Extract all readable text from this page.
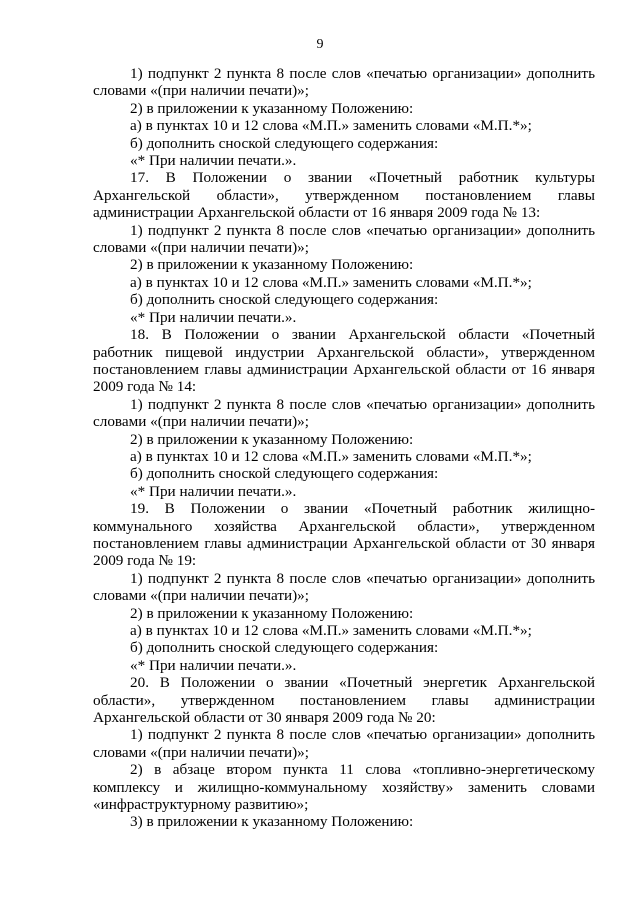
9

1) подпункт 2 пункта 8 после слов «печатью организации» дополнить словами «(при наличии печати)»;

2) в приложении к указанному Положению:

а) в пунктах 10 и 12 слова «М.П.» заменить словами «М.П.*»;

б) дополнить сноской следующего содержания:

«* При наличии печати.».

17. В Положении о звании «Почетный работник культуры Архангельской области», утвержденном постановлением главы администрации Архангельской области от 16 января 2009 года № 13:

1) подпункт 2 пункта 8 после слов «печатью организации» дополнить словами «(при наличии печати)»;

2) в приложении к указанному Положению:

а) в пунктах 10 и 12 слова «М.П.» заменить словами «М.П.*»;

б) дополнить сноской следующего содержания:

«* При наличии печати.».

18. В Положении о звании Архангельской области «Почетный работник пищевой индустрии Архангельской области», утвержденном постановлением главы администрации Архангельской области от 16 января 2009 года № 14:

1) подпункт 2 пункта 8 после слов «печатью организации» дополнить словами «(при наличии печати)»;

2) в приложении к указанному Положению:

а) в пунктах 10 и 12 слова «М.П.» заменить словами «М.П.*»;

б) дополнить сноской следующего содержания:

«* При наличии печати.».

19. В Положении о звании «Почетный работник жилищно-коммунального хозяйства Архангельской области», утвержденном постановлением главы администрации Архангельской области от 30 января 2009 года № 19:

1) подпункт 2 пункта 8 после слов «печатью организации» дополнить словами «(при наличии печати)»;

2) в приложении к указанному Положению:

а) в пунктах 10 и 12 слова «М.П.» заменить словами «М.П.*»;

б) дополнить сноской следующего содержания:

«* При наличии печати.».

20. В Положении о звании «Почетный энергетик Архангельской области», утвержденном постановлением главы администрации Архангельской области от 30 января 2009 года № 20:

1) подпункт 2 пункта 8 после слов «печатью организации» дополнить словами «(при наличии печати)»;

2) в абзаце втором пункта 11 слова «топливно-энергетическому комплексу и жилищно-коммунальному хозяйству» заменить словами «инфраструктурному развитию»;

3) в приложении к указанному Положению:
